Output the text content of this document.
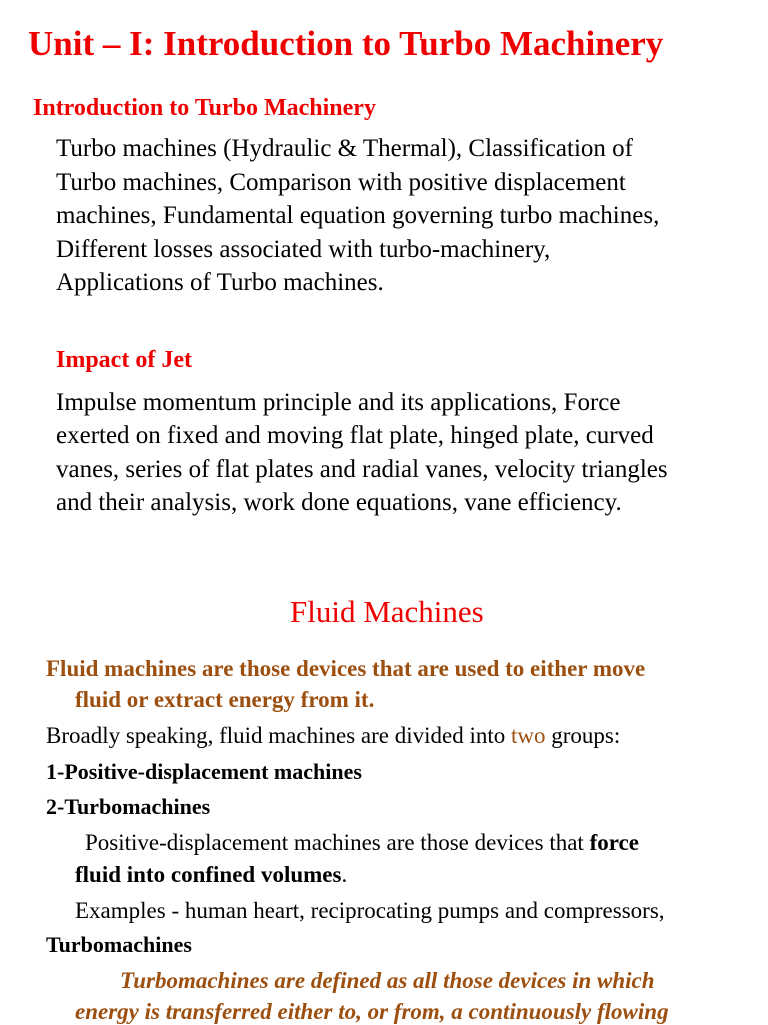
Unit – I: Introduction to Turbo Machinery
Introduction to Turbo Machinery
Turbo machines (Hydraulic & Thermal), Classification of
Turbo machines, Comparison with positive displacement
machines, Fundamental equation governing turbo machines,
Different losses associated with turbo-machinery,
Applications of Turbo machines.
Impact of Jet
Impulse momentum principle and its applications, Force
exerted on fixed and moving flat plate, hinged plate, curved
vanes, series of flat plates and radial vanes, velocity triangles
and their analysis, work done equations, vane efficiency.
Fluid Machines
Fluid machines are those devices that are used to either move
fluid or extract energy from it.
Broadly speaking, fluid machines are divided into two groups:
1-Positive-displacement machines
2-Turbomachines
Positive-displacement machines are those devices that force
fluid into confined volumes.
Examples - human heart, reciprocating pumps and compressors,
Turbomachines
Turbomachines are defined as all those devices in which
energy is transferred either to, or from, a continuously flowing
